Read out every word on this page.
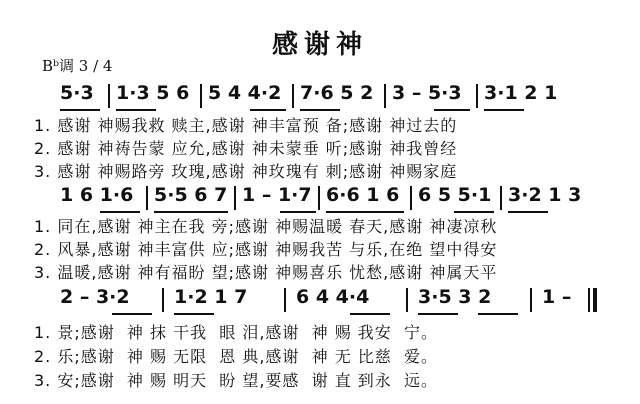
感谢神
Bᵇ调 3 / 4
5·3 1·3 5 6 5 4 4·2 7·6 5 2 3 – 5·3 3·1 2 1
1. 感谢 神赐我救 赎主,感谢 神丰富预 备;感谢 神过去的
2. 感谢 神祷告蒙 应允,感谢 神未蒙垂 听;感谢 神我曾经
3. 感谢 神赐路旁 玫瑰,感谢 神玫瑰有 刺;感谢 神赐家庭
1 6 1·6 5·5 6 7 1 – 1·7 6·6 1 6 6 5 5·1 3·2 1 3
1. 同在,感谢 神主在我 旁;感谢 神赐温暖 春天,感谢 神凄凉秋
2. 风暴,感谢 神丰富供 应;感谢 神赐我苦 与乐,在绝 望中得安
3. 温暖,感谢 神有福盼 望;感谢 神赐喜乐 忧愁,感谢 神属天平
2 – 3·2 1·2 1 7	6 4 4·4	3·5 3 2	1 –
1. 景;感谢  神 抹 干我  眼 泪,感谢  神 赐 我安  宁。
2. 乐;感谢  神 赐 无限  恩 典,感谢  神 无 比慈  爱。
3. 安;感谢  神 赐 明天  盼 望,要感  谢 直 到永  远。
